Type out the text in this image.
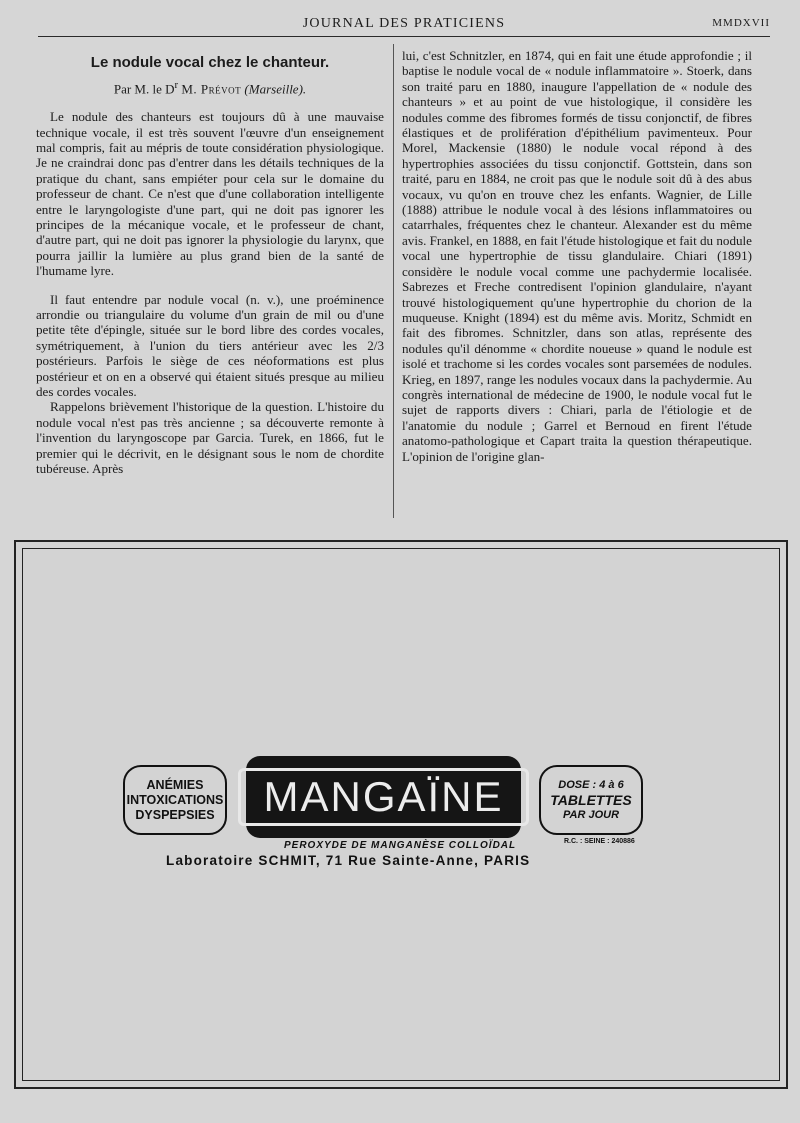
JOURNAL DES PRATICIENS	MMDXVII
Le nodule vocal chez le chanteur.
Par M. le $D^r$ M. Prévot (Marseille).

Le nodule des chanteurs est toujours dû à une mauvaise technique vocale, il est très souvent l'œuvre d'un enseignement mal compris, fait au mépris de toute considération physiologique. Je ne craindrai donc pas d'entrer dans les détails techniques de la pratique du chant, sans empiéter pour cela sur le domaine du professeur de chant. Ce n'est que d'une collaboration intelligente entre le laryngologiste d'une part, qui ne doit pas ignorer les principes de la mécanique vocale, et le professeur de chant, d'autre part, qui ne doit pas ignorer la physiologie du larynx, que pourra jaillir la lumière au plus grand bien de la santé de l'humame lyre.

Il faut entendre par nodule vocal (n. v.), une proéminence arrondie ou triangulaire du volume d'un grain de mil ou d'une petite tête d'épingle, située sur le bord libre des cordes vocales, symétriquement, à l'union du tiers antérieur avec les 2/3 postérieurs. Parfois le siège de ces néoformations est plus postérieur et on en a observé qui étaient situés presque au milieu des cordes vocales.

Rappelons brièvement l'historique de la question. L'histoire du nodule vocal n'est pas très ancienne ; sa découverte remonte à l'invention du laryngoscope par Garcia. Turek, en 1866, fut le premier qui le décrivit, en le désignant sous le nom de chordite tubéreuse. Après

lui, c'est Schnitzler, en 1874, qui en fait une étude approfondie ; il baptise le nodule vocal de « nodule inflammatoire ». Stoerk, dans son traité paru en 1880, inaugure l'appellation de « nodule des chanteurs » et au point de vue histologique, il considère les nodules comme des fibromes formés de tissu conjonctif, de fibres élastiques et de prolifération d'épithélium pavimenteux. Pour Morel, Mackensie (1880) le nodule vocal répond à des hypertrophies associées du tissu conjonctif. Gottstein, dans son traité, paru en 1884, ne croit pas que le nodule soit dû à des abus vocaux, vu qu'on en trouve chez les enfants. Wagnier, de Lille (1888) attribue le nodule vocal à des lésions inflammatoires ou catarrhales, fréquentes chez le chanteur. Alexander est du même avis. Frankel, en 1888, en fait l'étude histologique et fait du nodule vocal une hypertrophie de tissu glandulaire. Chiari (1891) considère le nodule vocal comme une pachydermie localisée. Sabrezes et Freche contredisent l'opinion glandulaire, n'ayant trouvé histologiquement qu'une hypertrophie du chorion de la muqueuse. Knight (1894) est du même avis. Moritz, Schmidt en fait des fibromes. Schnitzler, dans son atlas, représente des nodules qu'il dénomme « chordite noueuse » quand le nodule est isolé et trachome si les cordes vocales sont parsemées de nodules. Krieg, en 1897, range les nodules vocaux dans la pachydermie. Au congrès international de médecine de 1900, le nodule vocal fut le sujet de rapports divers : Chiari, parla de l'étiologie et de l'anatomie du nodule ; Garrel et Bernoud en firent l'étude anatomo-pathologique et Capart traita la question thérapeutique. L'opinion de l'origine glan-

ANÉMIES
INTOXICATIONS
DYSPEPSIES	MANGAÏNE	DOSE : 4 à 6
TABLETTES
PAR JOUR
PEROXYDE DE MANGANÈSE COLLOÏDAL	R.C. : SEINE : 240886
Laboratoire SCHMIT, 71 Rue Sainte-Anne, PARIS
